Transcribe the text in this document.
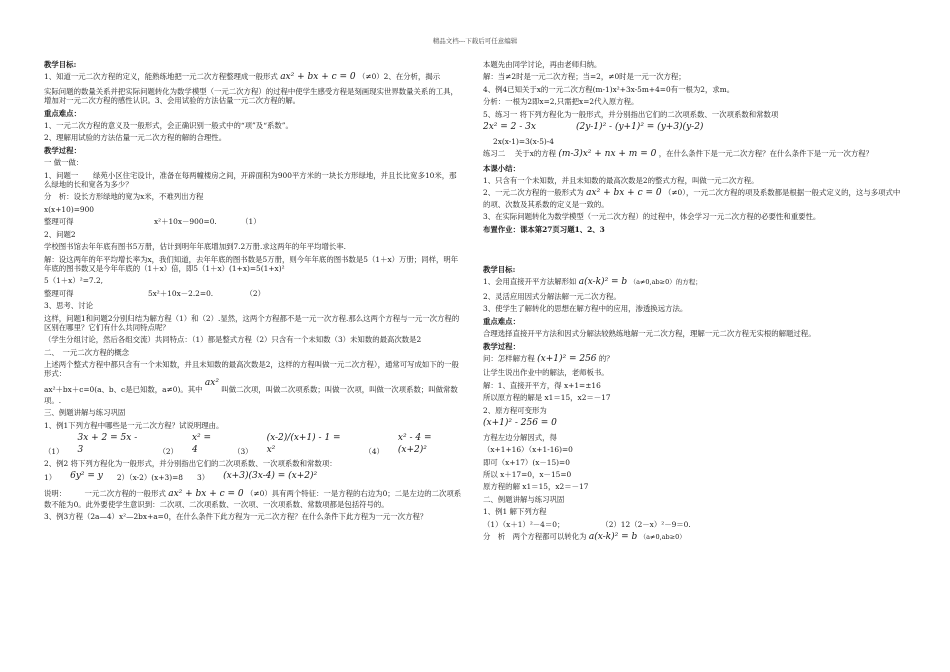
精品文档---下载后可任意编辑

教学目标:

1、知道一元二次方程的定义，能熟练地把一元二次方程整理成一般形式 ax² + bx + c = 0 （≠0）2、在分析，揭示

实际问题的数量关系并把实际问题转化为数学模型（一元二次方程）的过程中使学生感受方程是刻画现实世界数量关系的工具，增加对一元二次方程的感性认识。3、会用试验的方法估量一元二次方程的解。

重点难点：

1、一元二次方程的意义及一般形式，会正确识别一般式中的“项”及“系数”。

2、理解用试验的方法估量一元二次方程的解的合理性。

教学过程：

一 做一做：

1、问题一　　绿苑小区住宅设计，准备在每两幢楼房之间，开辟面积为900平方米的一块长方形绿地，并且长比宽多10米，那么绿地的长和宽各为多少？

分　析：设长方形绿地的宽为x米，不难列出方程

x(x+10)=900

整理可得	x²＋10x－900=0.	（1）

2、问题2

学校图书馆去年年底有图书5万册，估计到明年年底增加到7.2万册.求这两年的年平均增长率.

解：设这两年的年平均增长率为x，我们知道，去年年底的图书数是5万册，则今年年底的图书数是5（1＋x）万册；同样，明年年底的图书数又是今年年底的（1＋x）倍，即5（1＋x）(1+x)=5(1+x)²

5（1＋x）²=7.2,

整理可得	5x²＋10x－2.2=0.	（2）

3、思考、讨论

这样，问题1和问题2分别归结为解方程（1）和（2）.显然，这两个方程都不是一元一次方程.那么这两个方程与一元一次方程的区别在哪里？它们有什么共同特点呢？

（学生分组讨论，然后各组交流）共同特点：（1）都是整式方程（2）只含有一个未知数（3）未知数的最高次数是2

二、　一元二次方程的概念

上述两个整式方程中都只含有一个未知数，并且未知数的最高次数是2，这样的方程叫做一元二次方程），通常可写成如下的一般形式：

ax²＋bx＋c=0(a、b、c是已知数，a≠0)。其中 ax² 叫做二次项，叫做二次项系数；叫做一次项，叫做一次项系数；叫做常数项。.

三、例题讲解与练习巩固

1、例1下列方程中哪些是一元二次方程？试说明理由。

（1）
3x + 2 = 5x - 3	（2）
x² = 4	（3）
(x-2)/(x+1) - 1 = x²	（4）
x² - 4 = (x+2)²

2、例2 将下列方程化为一般形式，并分别指出它们的二次项系数、一次项系数和常数项：

1） 6y² = y 2）（x-2）(x+3)=8 3） (x+3)(3x-4) = (x+2)²

说明： 一元二次方程的一般形式 ax² + bx + c = 0 （≠0）具有两个特征：一是方程的右边为0；二是左边的二次项系数不能为0。此外要使学生意识到：二次项、二次项系数、一次项、一次项系数、常数项都是包括符号的。

3、例3方程（2a—4）x²—2bx+a=0，在什么条件下此方程为一元二次方程？在什么条件下此方程为一元一次方程？

本题先由同学讨论，再由老师归纳。

解：当≠2时是一元二次方程；当=2，≠0时是一元一次方程；

4、例4已知关于x的一元二次方程(m-1)x²+3x-5m+4=0有一根为2，求m。

分析：一根为2即x=2,只需把x=2代入原方程。

5、练习一 将下列方程化为一般形式，并分别指出它们的二次项系数、一次项系数和常数项

2x² = 2 - 3x	(2y-1)² - (y+1)² = (y+3)(y-2)

2x(x-1)=3(x-5)-4

练习二　 关于x的方程 (m-3)x² + nx + m = 0 ，在什么条件下是一元二次方程？在什么条件下是一元一次方程？

本课小结：

1、只含有一个未知数，并且未知数的最高次数是2的整式方程，叫做一元二次方程。

2、一元二次方程的一般形式为 ax² + bx + c = 0 （≠0），一元二次方程的项及系数都是根据一般式定义的，这与多项式中的项、次数及其系数的定义是一致的。

3、在实际问题转化为数学模型（一元二次方程）的过程中，体会学习一元二次方程的必要性和重要性。

布置作业：课本第27页习题1、2、3

教学目标:

1、会用直接开平方法解形如 a(x-k)² = b （a≠0,ab≥0）的方程；

2、灵活应用因式分解法解一元二次方程。

3、使学生了解转化的思想在解方程中的应用，渗透换远方法。

重点难点：

合理选择直接开平方法和因式分解法较熟练地解一元二次方程，理解一元二次方程无实根的解题过程。

教学过程：

问：怎样解方程 (x+1)² = 256 的？

让学生说出作业中的解法，老师板书。

解：1、直接开平方，得 x+1=±16

所以原方程的解是 x1＝15，x2＝－17

2、原方程可变形为

(x+1)² - 256 = 0

方程左边分解因式，得

（x+1+16）（x+1-16)=0

即可（x+17）(x－15)=0

所以 x＋17=0，x－15=0

原方程的解 x1＝15，x2＝－17

二、例题讲解与练习巩固

1、例1 解下列方程

（1）（x＋1）²－4＝0；　　　　　　（2）12（2－x）²－9＝0.

分　析　两个方程都可以转化为 a(x-k)² = b （a≠0,ab≥0）
